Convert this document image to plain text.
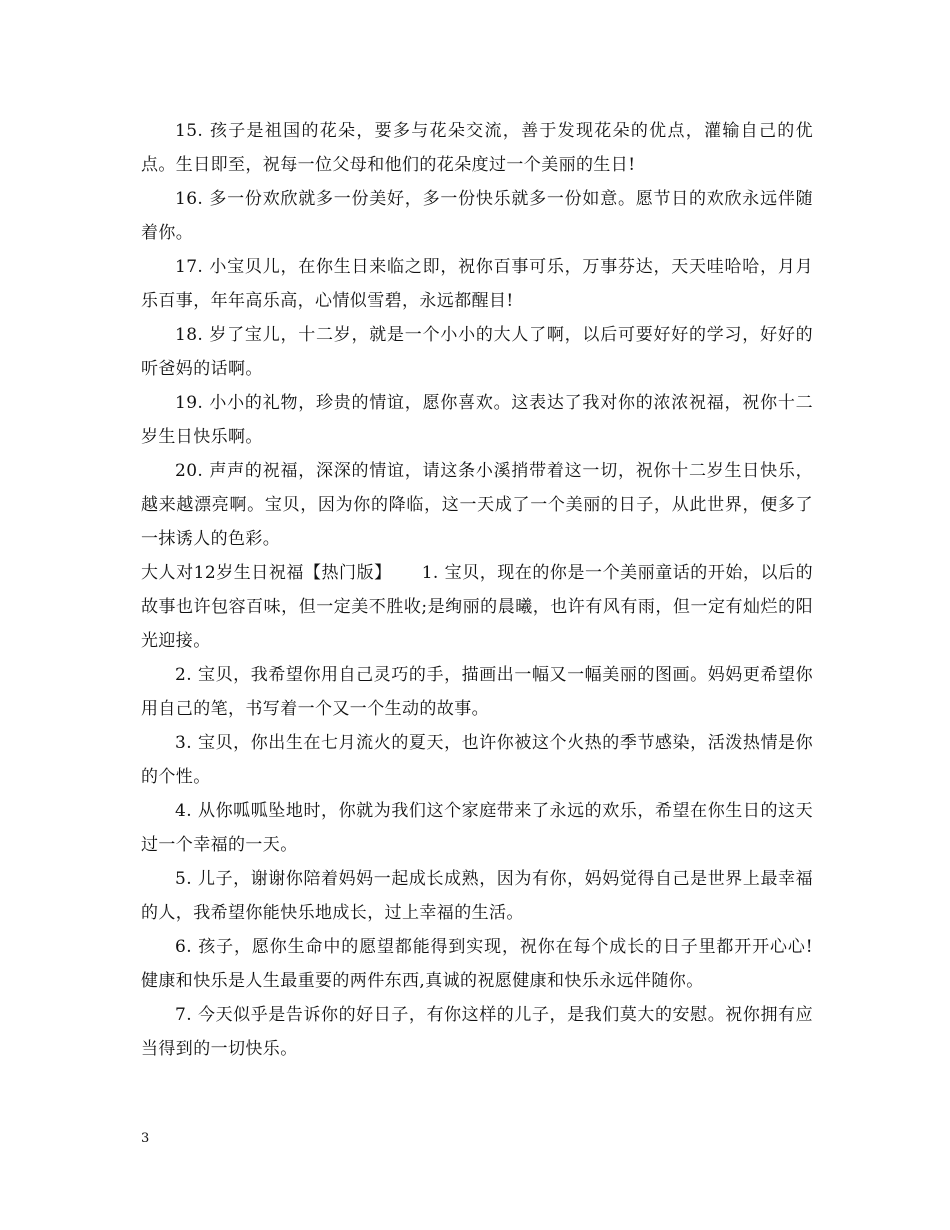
15. 孩子是祖国的花朵，要多与花朵交流，善于发现花朵的优点，灌输自己的优点。生日即至，祝每一位父母和他们的花朵度过一个美丽的生日!

16. 多一份欢欣就多一份美好，多一份快乐就多一份如意。愿节日的欢欣永远伴随着你。

17. 小宝贝儿，在你生日来临之即，祝你百事可乐，万事芬达，天天哇哈哈，月月乐百事，年年高乐高，心情似雪碧，永远都醒目!

18. 岁了宝儿，十二岁，就是一个小小的大人了啊，以后可要好好的学习，好好的听爸妈的话啊。

19. 小小的礼物，珍贵的情谊，愿你喜欢。这表达了我对你的浓浓祝福，祝你十二岁生日快乐啊。

20. 声声的祝福，深深的情谊，请这条小溪捎带着这一切，祝你十二岁生日快乐，越来越漂亮啊。宝贝，因为你的降临，这一天成了一个美丽的日子，从此世界，便多了一抹诱人的色彩。

大人对12岁生日祝福【热门版】 1. 宝贝，现在的你是一个美丽童话的开始，以后的故事也许包容百味，但一定美不胜收;是绚丽的晨曦，也许有风有雨，但一定有灿烂的阳光迎接。

2. 宝贝，我希望你用自己灵巧的手，描画出一幅又一幅美丽的图画。妈妈更希望你用自己的笔，书写着一个又一个生动的故事。

3. 宝贝，你出生在七月流火的夏天，也许你被这个火热的季节感染，活泼热情是你的个性。

4. 从你呱呱坠地时，你就为我们这个家庭带来了永远的欢乐，希望在你生日的这天过一个幸福的一天。

5. 儿子，谢谢你陪着妈妈一起成长成熟，因为有你，妈妈觉得自己是世界上最幸福的人，我希望你能快乐地成长，过上幸福的生活。

6. 孩子，愿你生命中的愿望都能得到实现，祝你在每个成长的日子里都开开心心!健康和快乐是人生最重要的两件东西,真诚的祝愿健康和快乐永远伴随你。

7. 今天似乎是告诉你的好日子，有你这样的儿子，是我们莫大的安慰。祝你拥有应当得到的一切快乐。

3
